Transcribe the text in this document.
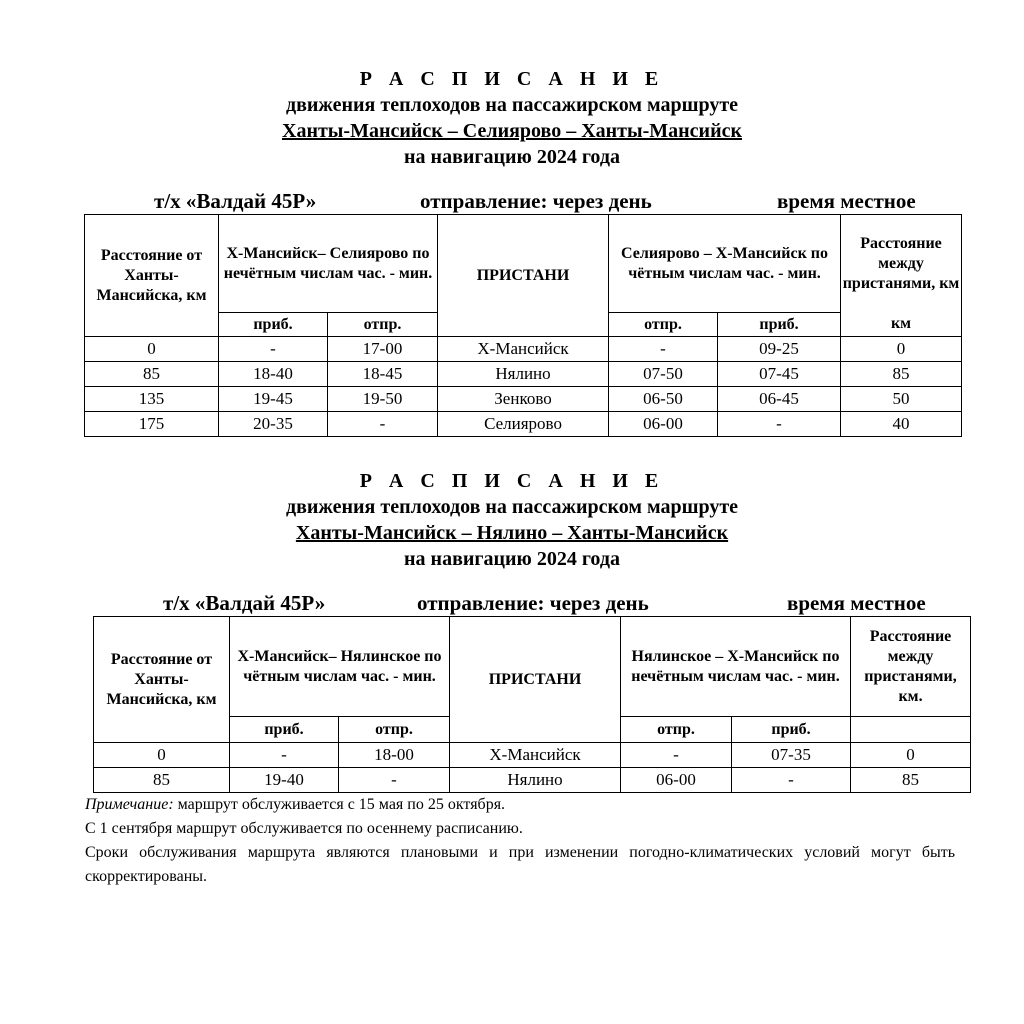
Р А С П И С А Н И Е
движения теплоходов на пассажирском маршруте
Ханты-Мансийск – Селиярово – Ханты-Мансийск
на навигацию 2024 года
т/х «Валдай 45Р»	отправление: через день	время местное
Расстояние от Ханты-Мансийска, км	Х-Мансийск– Селиярово по нечётным числам час. - мин.		ПРИСТАНИ	Селиярово – Х-Мансийск по чётным числам час. - мин.		Расстояние между пристанями, км
	приб.	отпр.		отпр.	приб.	км
0	-	17-00	Х-Мансийск	-	09-25	0
85	18-40	18-45	Нялино	07-50	07-45	85
135	19-45	19-50	Зенково	06-50	06-45	50
175	20-35	-	Селиярово	06-00	-	40
Р А С П И С А Н И Е
движения теплоходов на пассажирском маршруте
Ханты-Мансийск – Нялино – Ханты-Мансийск
на навигацию 2024 года
т/х «Валдай 45Р»	отправление: через день	время местное
Расстояние от Ханты-Мансийска, км	Х-Мансийск– Нялинское по чётным числам час. - мин.		ПРИСТАНИ	Нялинское – Х-Мансийск по нечётным числам час. - мин.		Расстояние между пристанями, км.
	приб.	отпр.		отпр.	приб.	
0	-	18-00	Х-Мансийск	-	07-35	0
85	19-40	-	Нялино	06-00	-	85

Примечание: маршрут обслуживается с 15 мая по 25 октября.

С 1 сентября маршрут обслуживается по осеннему расписанию.

Сроки обслуживания маршрута являются плановыми и при изменении погодно-климатических условий могут быть скорректированы.
